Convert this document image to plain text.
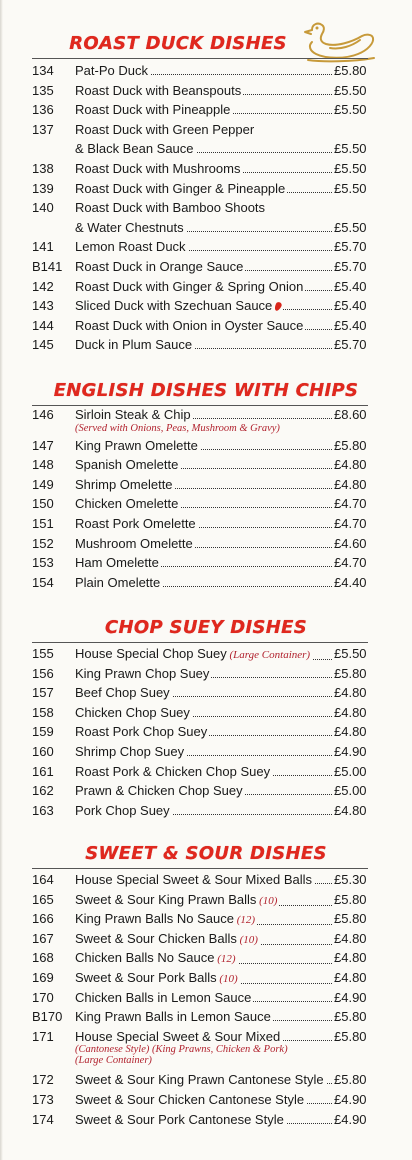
ROAST DUCK DISHES
134	Pat-Po Duck	£5.80
135	Roast Duck with Beanspouts	£5.50
136	Roast Duck with Pineapple	£5.50
137	Roast Duck with Green Pepper
& Black Bean Sauce	£5.50
138	Roast Duck with Mushrooms	£5.50
139	Roast Duck with Ginger & Pineapple	£5.50
140	Roast Duck with Bamboo Shoots
& Water Chestnuts	£5.50
141	Lemon Roast Duck	£5.70
B141 Roast Duck in Orange Sauce	£5.70
142	Roast Duck with Ginger & Spring Onion	£5.40
143	Sliced Duck with Szechuan Sauce	£5.40
144	Roast Duck with Onion in Oyster Sauce	£5.40
145	Duck in Plum Sauce	£5.70
ENGLISH DISHES WITH CHIPS
146	Sirloin Steak & Chip	£8.60
(Served with Onions, Peas, Mushroom & Gravy)
147	King Prawn Omelette	£5.80
148	Spanish Omelette	£4.80
149	Shrimp Omelette	£4.80
150	Chicken Omelette	£4.70
151	Roast Pork Omelette	£4.70
152	Mushroom Omelette	£4.60
153	Ham Omelette	£4.70
154	Plain Omelette	£4.40
CHOP SUEY DISHES
155	House Special Chop Suey (Large Container)	£5.50
156	King Prawn Chop Suey	£5.80
157	Beef Chop Suey	£4.80
158	Chicken Chop Suey	£4.80
159	Roast Pork Chop Suey	£4.80
160	Shrimp Chop Suey	£4.90
161	Roast Pork & Chicken Chop Suey	£5.00
162	Prawn & Chicken Chop Suey	£5.00
163	Pork Chop Suey	£4.80
SWEET & SOUR DISHES
164	House Special Sweet & Sour Mixed Balls	£5.30
165	Sweet & Sour King Prawn Balls (10)	£5.80
166	King Prawn Balls No Sauce (12)	£5.80
167	Sweet & Sour Chicken Balls (10)	£4.80
168	Chicken Balls No Sauce (12)	£4.80
169	Sweet & Sour Pork Balls (10)	£4.80
170	Chicken Balls in Lemon Sauce	£4.90
B170 King Prawn Balls in Lemon Sauce	£5.80
171	House Special Sweet & Sour Mixed	£5.80
(Cantonese Style) (King Prawns, Chicken & Pork)
(Large Container)
172	Sweet & Sour King Prawn Cantonese Style £5.80
173	Sweet & Sour Chicken Cantonese Style	£4.90
174	Sweet & Sour Pork Cantonese Style	£4.90
